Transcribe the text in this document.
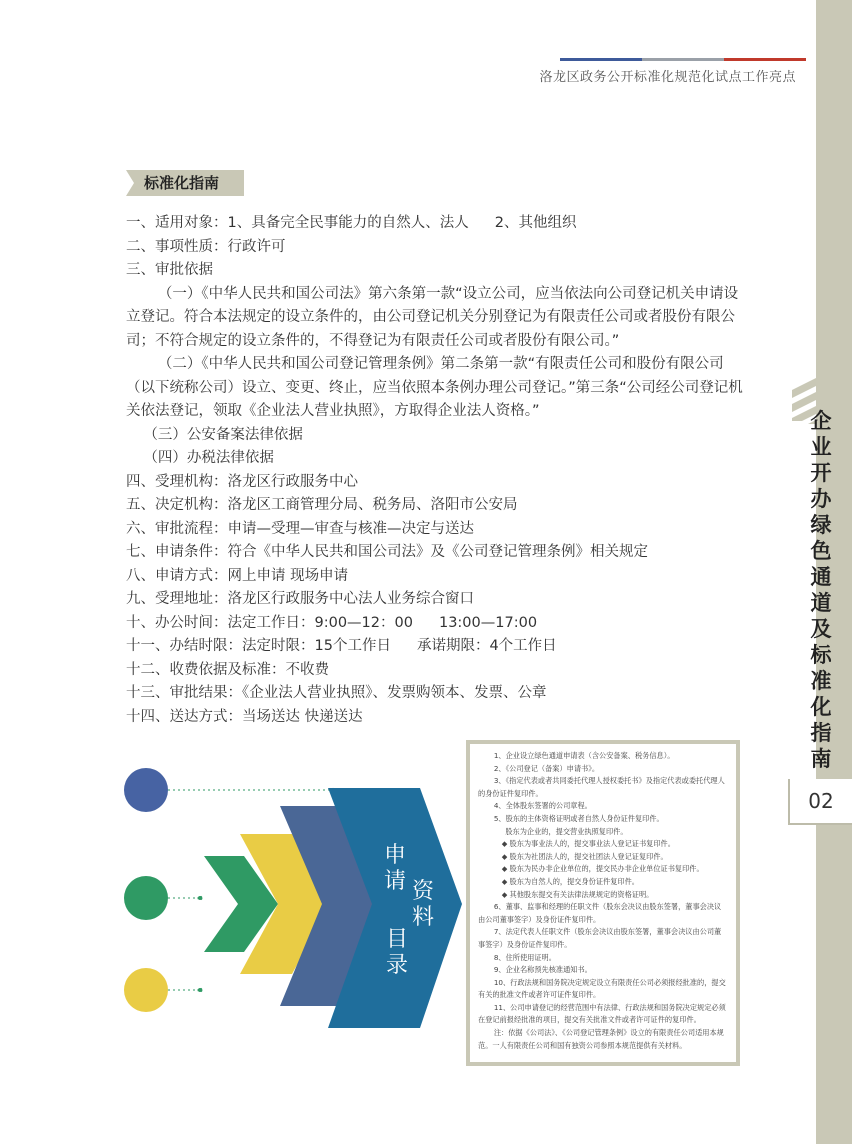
洛龙区政务公开标准化规范化试点工作亮点
企业开办绿色通道及标准化指南
02
标准化指南

一、适用对象：1、具备完全民事能力的自然人、法人 2、其他组织

二、事项性质：行政许可

三、审批依据

（一）《中华人民共和国公司法》第六条第一款“设立公司，应当依法向公司登记机关申请设立登记。符合本法规定的设立条件的，由公司登记机关分别登记为有限责任公司或者股份有限公司；不符合规定的设立条件的，不得登记为有限责任公司或者股份有限公司。”

（二）《中华人民共和国公司登记管理条例》第二条第一款“有限责任公司和股份有限公司（以下统称公司）设立、变更、终止，应当依照本条例办理公司登记。”第三条“公司经公司登记机关依法登记，领取《企业法人营业执照》，方取得企业法人资格。”

（三）公安备案法律依据

（四）办税法律依据

四、受理机构：洛龙区行政服务中心

五、决定机构：洛龙区工商管理分局、税务局、洛阳市公安局

六、审批流程：申请—受理—审查与核准—决定与送达

七、申请条件：符合《中华人民共和国公司法》及《公司登记管理条例》相关规定

八、申请方式：网上申请 现场申请

九、受理地址：洛龙区行政服务中心法人业务综合窗口

十、办公时间：法定工作日：9:00—12：00 13:00—17:00

十一、办结时限：法定时限：15个工作日 承诺期限：4个工作日

十二、收费依据及标准：不收费

十三、审批结果：《企业法人营业执照》、发票购领本、发票、公章

十四、送达方式：当场送达 快递送达

申
请 资
料
目
录

1、企业设立绿色通道申请表（含公安备案、税务信息）。

2、《公司登记（备案）申请书》。

3、《指定代表或者共同委托代理人授权委托书》及指定代表或委托代理人的身份证件复印件。

4、全体股东签署的公司章程。

5、股东的主体资格证明或者自然人身份证件复印件。

股东为企业的，提交营业执照复印件。

◆ 股东为事业法人的，提交事业法人登记证书复印件。

◆ 股东为社团法人的，提交社团法人登记证复印件。

◆ 股东为民办非企业单位的，提交民办非企业单位证书复印件。

◆ 股东为自然人的，提交身份证件复印件。

◆ 其他股东提交有关法律法规规定的资格证明。

6、董事、监事和经理的任职文件（股东会决议由股东签署，董事会决议由公司董事签字）及身份证件复印件。

7、法定代表人任职文件（股东会决议由股东签署，董事会决议由公司董事签字）及身份证件复印件。

8、住所使用证明。

9、企业名称预先核准通知书。

10、行政法规和国务院决定规定设立有限责任公司必须报经批准的，提交有关的批准文件或者许可证件复印件。

11、公司申请登记的经营范围中有法律、行政法规和国务院决定规定必须在登记前报经批准的项目，提交有关批准文件或者许可证件的复印件。

注：依据《公司法》、《公司登记管理条例》设立的有限责任公司适用本规范。一人有限责任公司和国有独资公司参照本规范提供有关材料。
